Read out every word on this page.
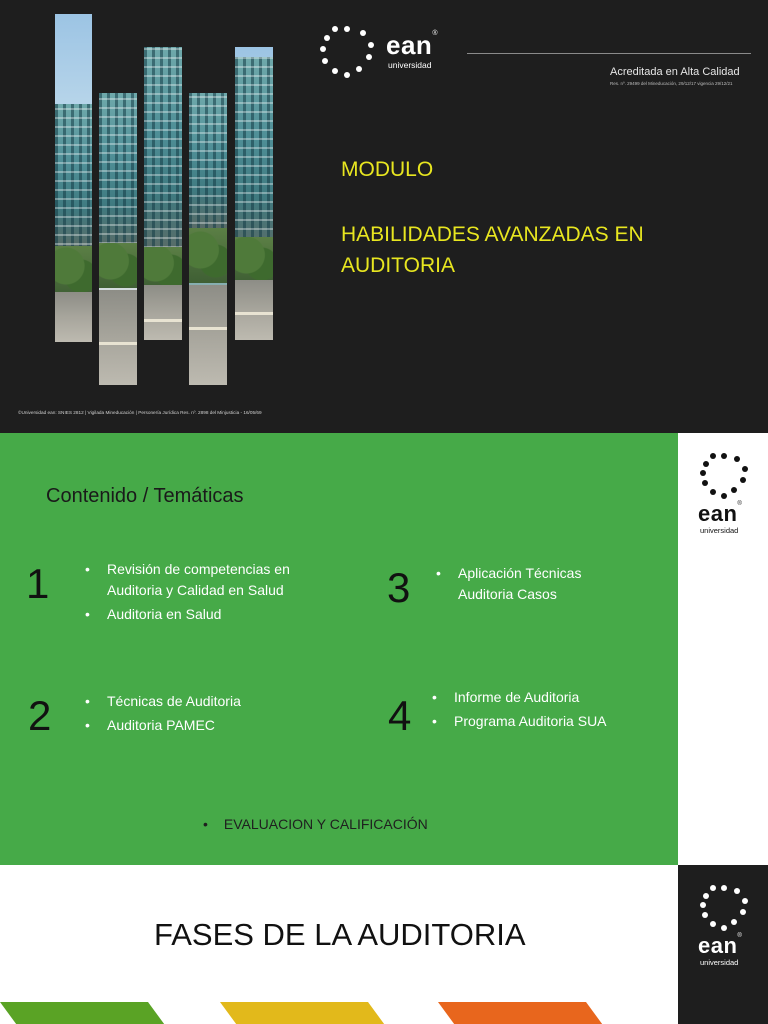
ean®
universidad
Acreditada en Alta Calidad
Res. nº. 29499 del Mineducación, 29/12/17 vigencia 29/12/21
MODULO
HABILIDADES AVANZADAS EN AUDITORIA
©Universidad ean: SNIES 2812 | Vigilada Mineducación | Personería Jurídica Res. nº. 2898 del Minjusticia - 16/05/69
ean®
universidad
Contenido / Temáticas
1	• Revisión de competencias en Auditoria y Calidad en Salud
• Auditoria en Salud
2	• Técnicas de Auditoria
• Auditoria PAMEC
3	• Aplicación Técnicas Auditoria Casos
4	• Informe de Auditoria
• Programa Auditoria SUA
• EVALUACION Y CALIFICACIÓN
ean®
universidad
FASES DE LA AUDITORIA
